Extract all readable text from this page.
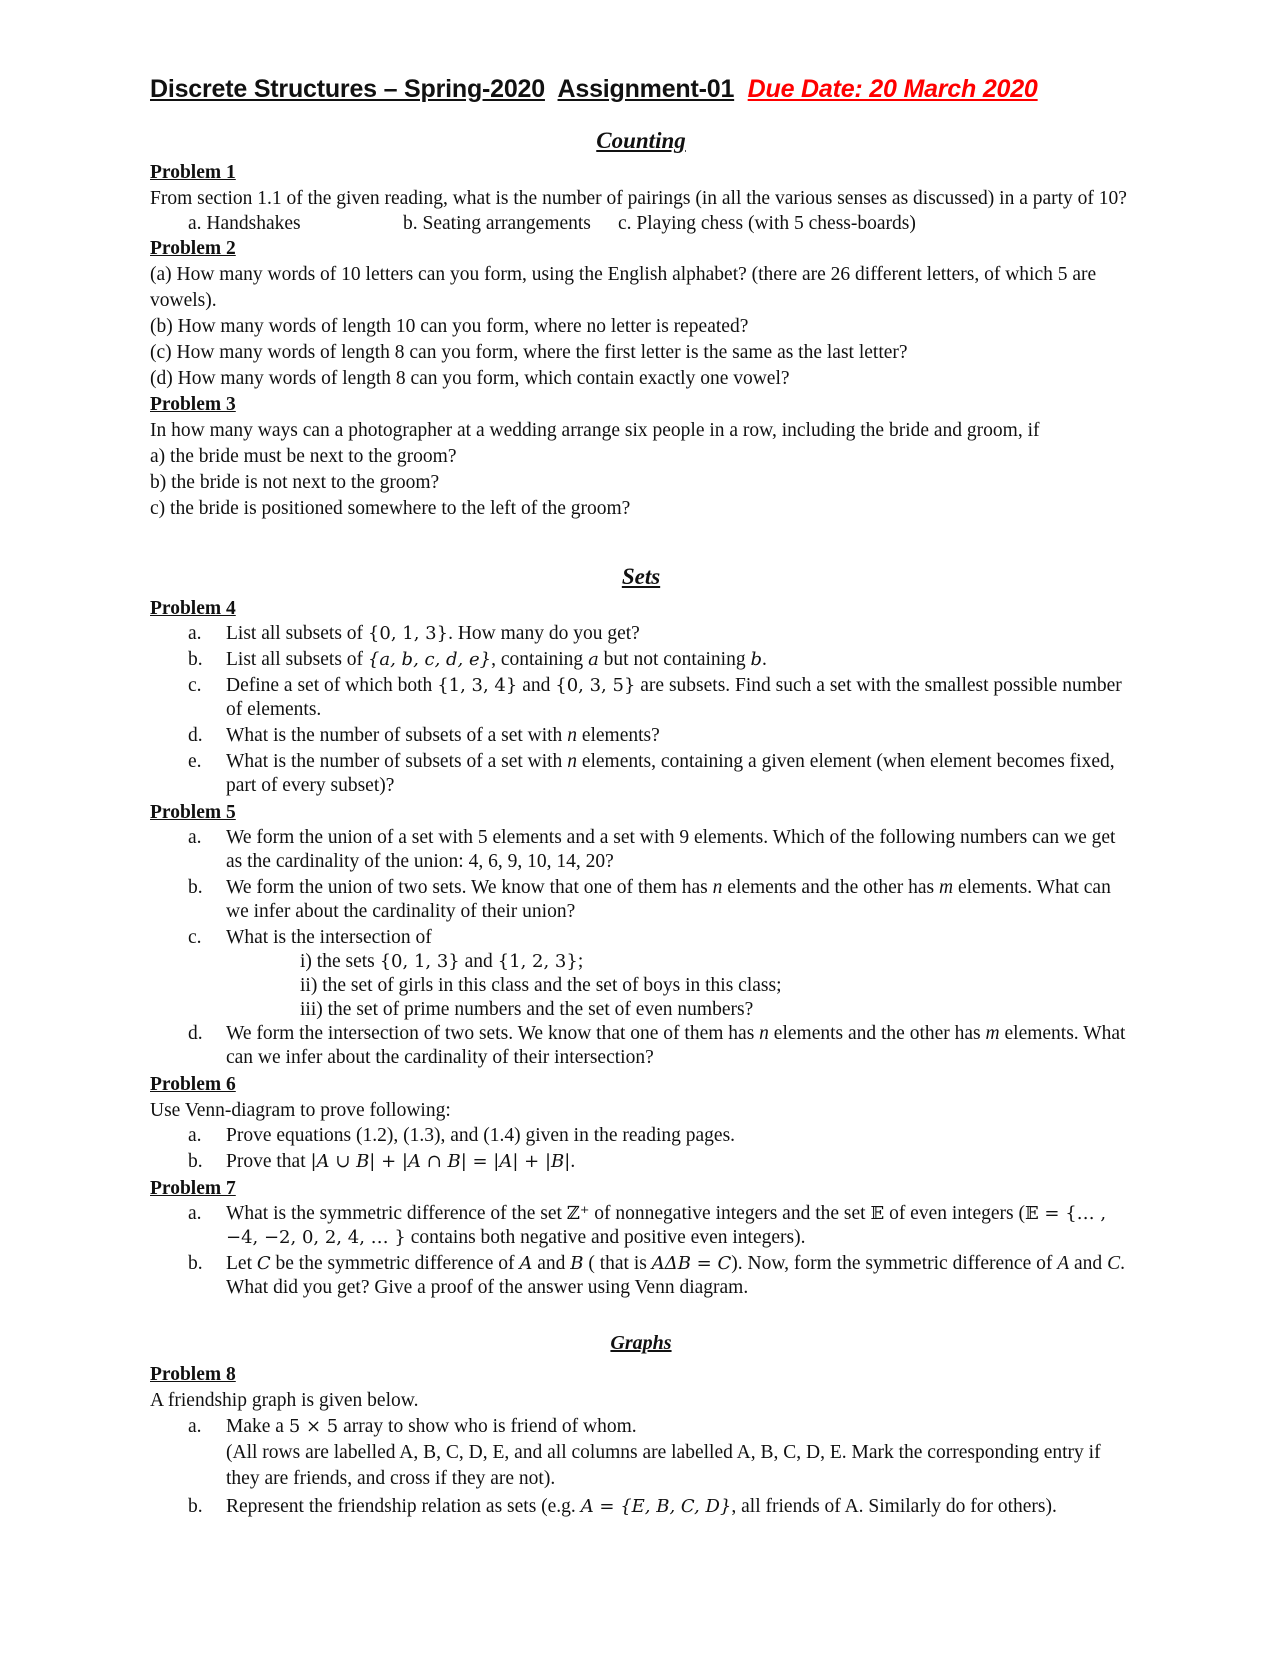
Discrete Structures – Spring-2020 Assignment-01 Due Date: 20 March 2020
Counting

Problem 1

From section 1.1 of the given reading, what is the number of pairings (in all the various senses as discussed) in a party of 10?

a. Handshakes	b. Seating arrangements c. Playing chess (with 5 chess-boards)

Problem 2

(a) How many words of 10 letters can you form, using the English alphabet? (there are 26 different letters, of which 5 are vowels).

(b) How many words of length 10 can you form, where no letter is repeated?

(c) How many words of length 8 can you form, where the first letter is the same as the last letter?

(d) How many words of length 8 can you form, which contain exactly one vowel?

Problem 3

In how many ways can a photographer at a wedding arrange six people in a row, including the bride and groom, if

a) the bride must be next to the groom?

b) the bride is not next to the groom?

c) the bride is positioned somewhere to the left of the groom?

Sets

Problem 4

a.	List all subsets of {0, 1, 3}. How many do you get?
b.	List all subsets of {a, b, c, d, e}, containing a but not containing b.
c.	Define a set of which both {1, 3, 4} and {0, 3, 5} are subsets. Find such a set with the smallest possible number of elements.
d.	What is the number of subsets of a set with n elements?
e.	What is the number of subsets of a set with n elements, containing a given element (when element becomes fixed, part of every subset)?

Problem 5

a.	We form the union of a set with 5 elements and a set with 9 elements. Which of the following numbers can we get as the cardinality of the union: 4, 6, 9, 10, 14, 20?
b.	We form the union of two sets. We know that one of them has n elements and the other has m elements. What can we infer about the cardinality of their union?
c.	What is the intersection of
i) the sets {0, 1, 3} and {1, 2, 3};
ii) the set of girls in this class and the set of boys in this class;
iii) the set of prime numbers and the set of even numbers?
d.	We form the intersection of two sets. We know that one of them has n elements and the other has m elements. What can we infer about the cardinality of their intersection?

Problem 6

Use Venn-diagram to prove following:

a.	Prove equations (1.2), (1.3), and (1.4) given in the reading pages.
b.	Prove that |A ∪ B| + |A ∩ B| = |A| + |B|.

Problem 7

a.	What is the symmetric difference of the set ℤ⁺ of nonnegative integers and the set 𝔼 of even integers (𝔼 = {… , −4, −2, 0, 2, 4, … } contains both negative and positive even integers).
b.	Let C be the symmetric difference of A and B ( that is AΔB = C). Now, form the symmetric difference of A and C. What did you get? Give a proof of the answer using Venn diagram.
Graphs

Problem 8

A friendship graph is given below.

a.	Make a 5 × 5 array to show who is friend of whom.
(All rows are labelled A, B, C, D, E, and all columns are labelled A, B, C, D, E. Mark the corresponding entry if they are friends, and cross if they are not).
b.	Represent the friendship relation as sets (e.g. A = {E, B, C, D}, all friends of A. Similarly do for others).
